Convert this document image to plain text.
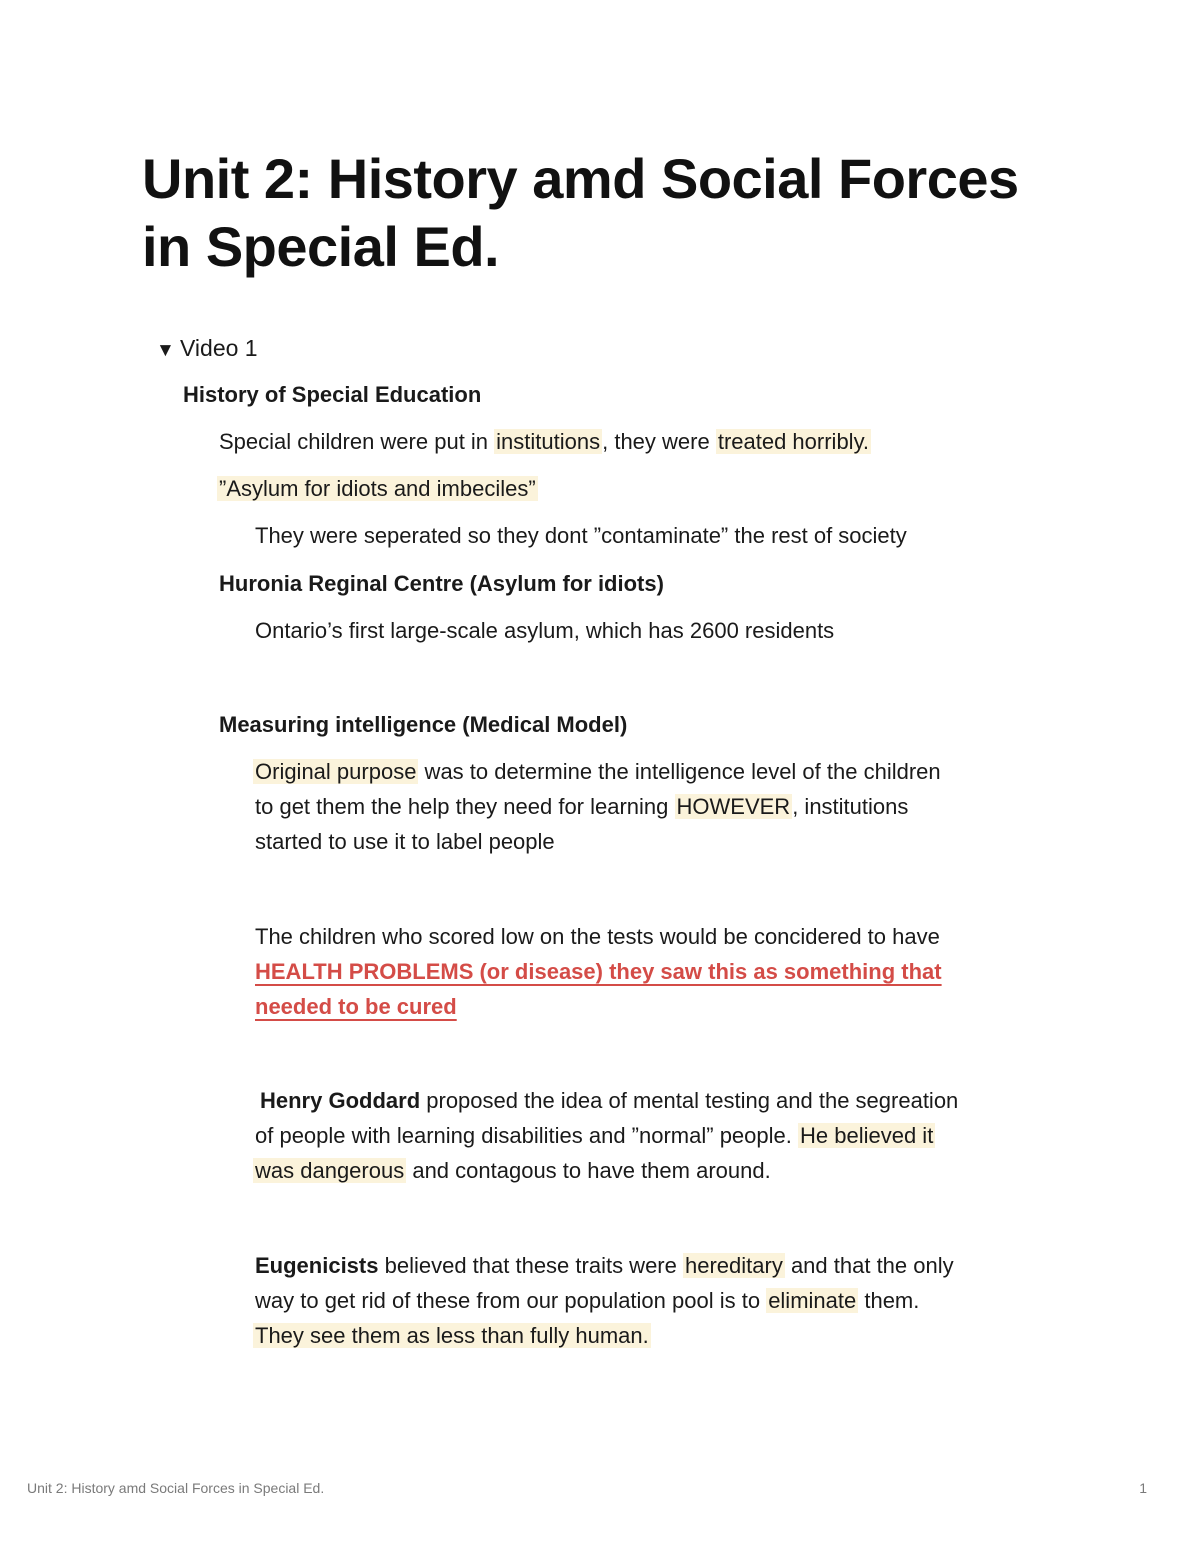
Unit 2: History amd Social Forces in Special Ed.
▼ Video 1
History of Special Education
Special children were put in institutions, they were treated horribly.
”Asylum for idiots and imbeciles”
They were seperated so they dont ”contaminate” the rest of society
Huronia Reginal Centre (Asylum for idiots)
Ontario’s first large-scale asylum, which has 2600 residents
Measuring intelligence (Medical Model)
Original purpose was to determine the intelligence level of the children
to get them the help they need for learning HOWEVER, institutions
started to use it to label people
The children who scored low on the tests would be concidered to have
HEALTH PROBLEMS (or disease) they saw this as something that
needed to be cured
Henry Goddard proposed the idea of mental testing and the segreation
of people with learning disabilities and ”normal” people. He believed it
was dangerous and contagous to have them around.
Eugenicists believed that these traits were hereditary and that the only
way to get rid of these from our population pool is to eliminate them.
They see them as less than fully human.
Unit 2: History amd Social Forces in Special Ed.	1
